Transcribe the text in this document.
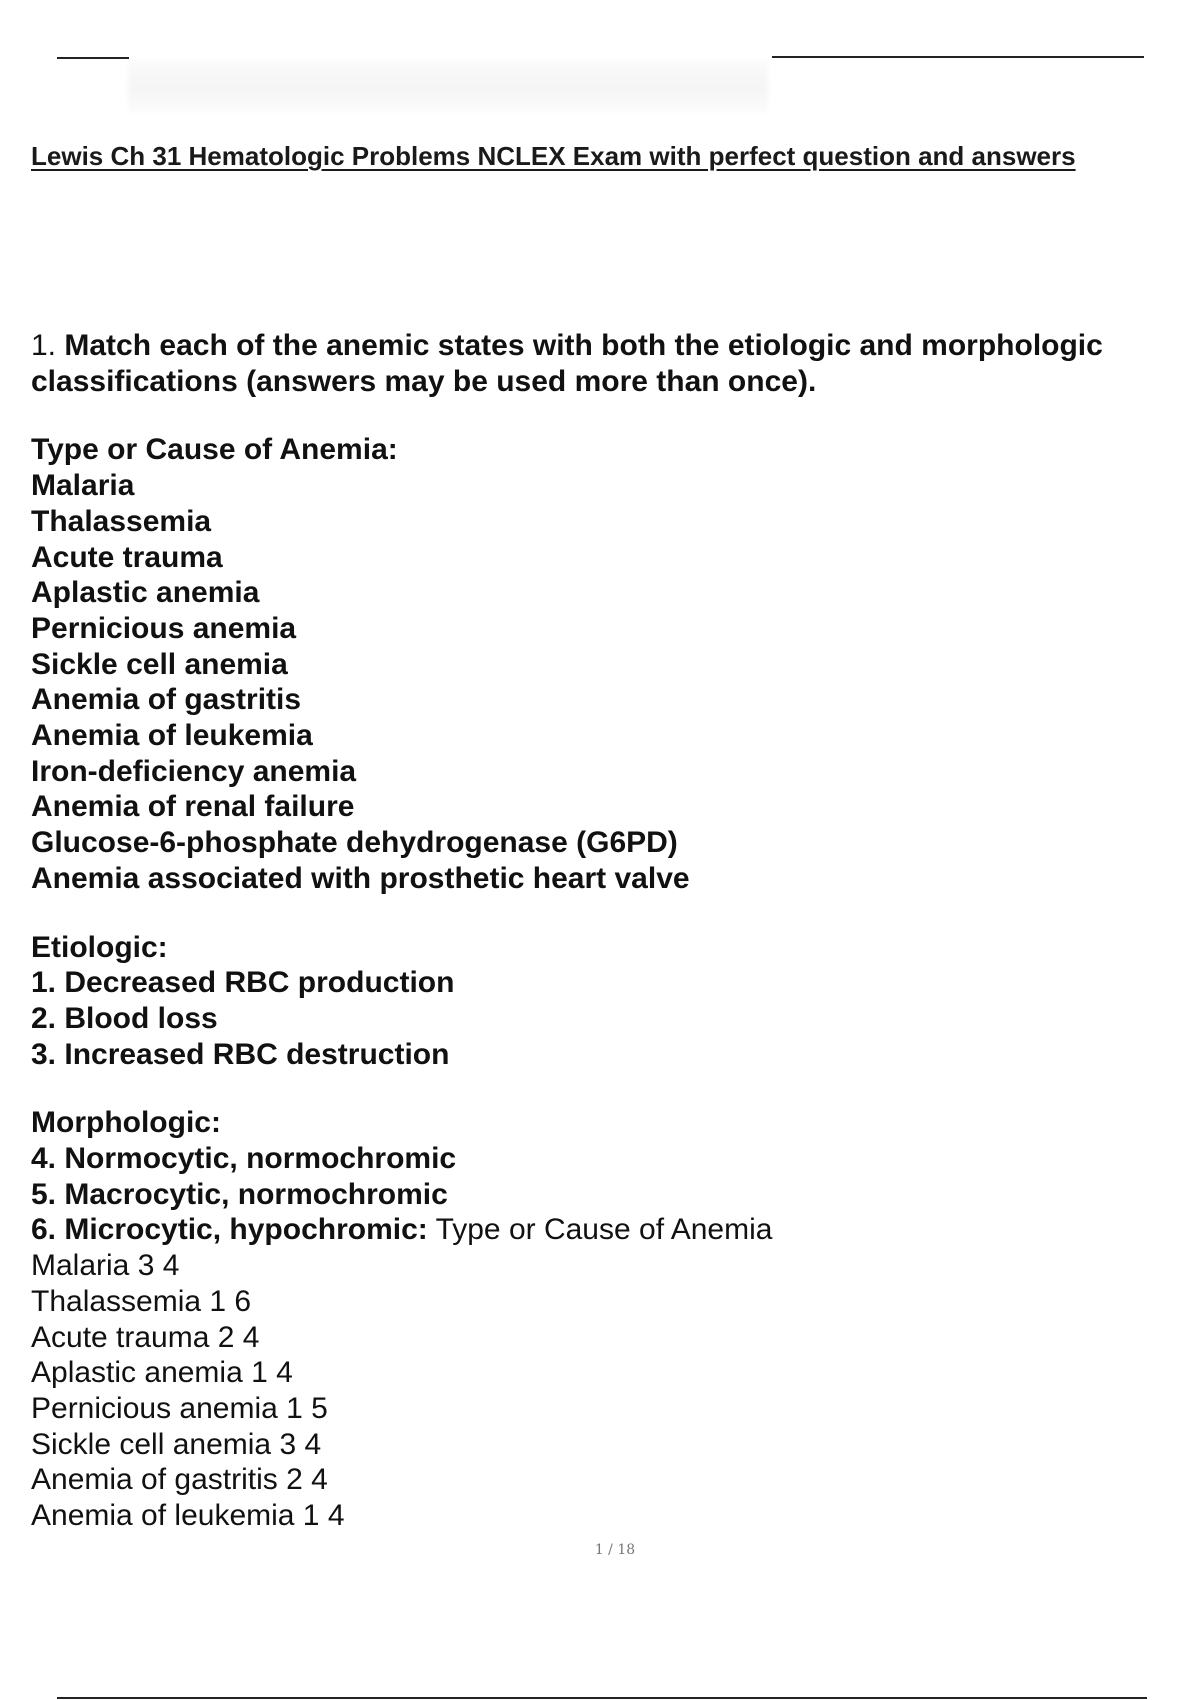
Lewis Ch 31 Hematologic Problems NCLEX Exam with perfect question and answers
1. Match each of the anemic states with both the etiologic and morphologic
classifications (answers may be used more than once).
Type or Cause of Anemia:
Malaria
Thalassemia
Acute trauma
Aplastic anemia
Pernicious anemia
Sickle cell anemia
Anemia of gastritis
Anemia of leukemia
Iron-deficiency anemia
Anemia of renal failure
Glucose-6-phosphate dehydrogenase (G6PD)
Anemia associated with prosthetic heart valve
Etiologic:
1. Decreased RBC production
2. Blood loss
3. Increased RBC destruction
Morphologic:
4. Normocytic, normochromic
5. Macrocytic, normochromic
6. Microcytic, hypochromic: Type or Cause of Anemia
Malaria 3 4
Thalassemia 1 6
Acute trauma 2 4
Aplastic anemia 1 4
Pernicious anemia 1 5
Sickle cell anemia 3 4
Anemia of gastritis 2 4
Anemia of leukemia 1 4
1 / 18
